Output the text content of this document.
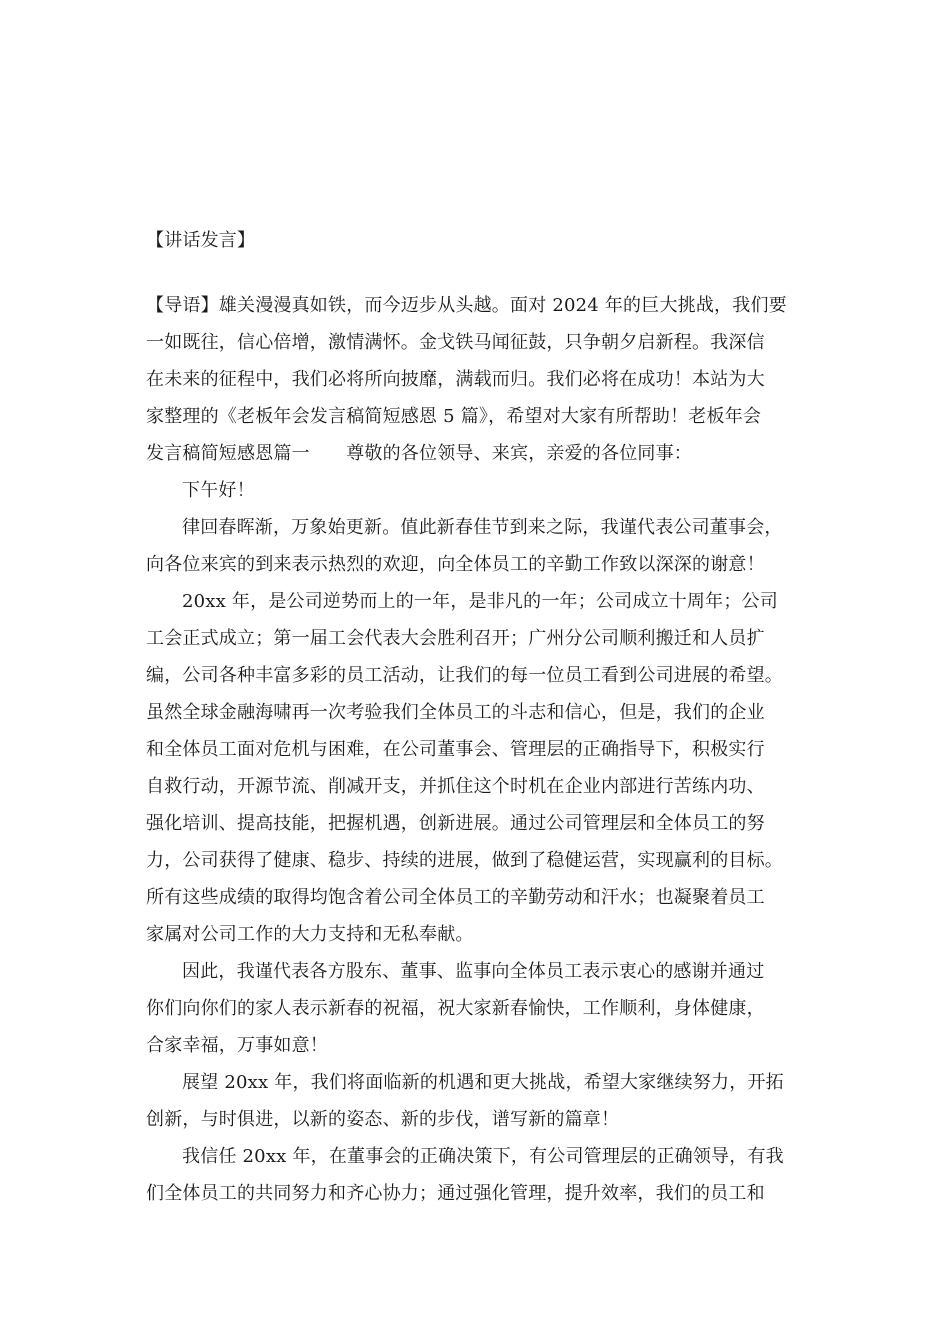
【讲话发言】
【导语】雄关漫漫真如铁，而今迈步从头越。面对 2024 年的巨大挑战，我们要
一如既往，信心倍增，激情满怀。金戈铁马闻征鼓，只争朝夕启新程。我深信
在未来的征程中，我们必将所向披靡，满载而归。我们必将在成功！本站为大
家整理的《老板年会发言稿简短感恩 5 篇》，希望对大家有所帮助！老板年会
发言稿简短感恩篇一　　尊敬的各位领导、来宾，亲爱的各位同事：
下午好！
律回春晖渐，万象始更新。值此新春佳节到来之际，我谨代表公司董事会，
向各位来宾的到来表示热烈的欢迎，向全体员工的辛勤工作致以深深的谢意！
20xx 年，是公司逆势而上的一年，是非凡的一年；公司成立十周年；公司
工会正式成立；第一届工会代表大会胜利召开；广州分公司顺利搬迁和人员扩
编，公司各种丰富多彩的员工活动，让我们的每一位员工看到公司进展的希望。
虽然全球金融海啸再一次考验我们全体员工的斗志和信心，但是，我们的企业
和全体员工面对危机与困难，在公司董事会、管理层的正确指导下，积极实行
自救行动，开源节流、削减开支，并抓住这个时机在企业内部进行苦练内功、
强化培训、提高技能，把握机遇，创新进展。通过公司管理层和全体员工的努
力，公司获得了健康、稳步、持续的进展，做到了稳健运营，实现赢利的目标。
所有这些成绩的取得均饱含着公司全体员工的辛勤劳动和汗水；也凝聚着员工
家属对公司工作的大力支持和无私奉献。
因此，我谨代表各方股东、董事、监事向全体员工表示衷心的感谢并通过
你们向你们的家人表示新春的祝福，祝大家新春愉快，工作顺利，身体健康，
合家幸福，万事如意！
展望 20xx 年，我们将面临新的机遇和更大挑战，希望大家继续努力，开拓
创新，与时俱进，以新的姿态、新的步伐，谱写新的篇章！
我信任 20xx 年，在董事会的正确决策下，有公司管理层的正确领导，有我
们全体员工的共同努力和齐心协力；通过强化管理，提升效率，我们的员工和
